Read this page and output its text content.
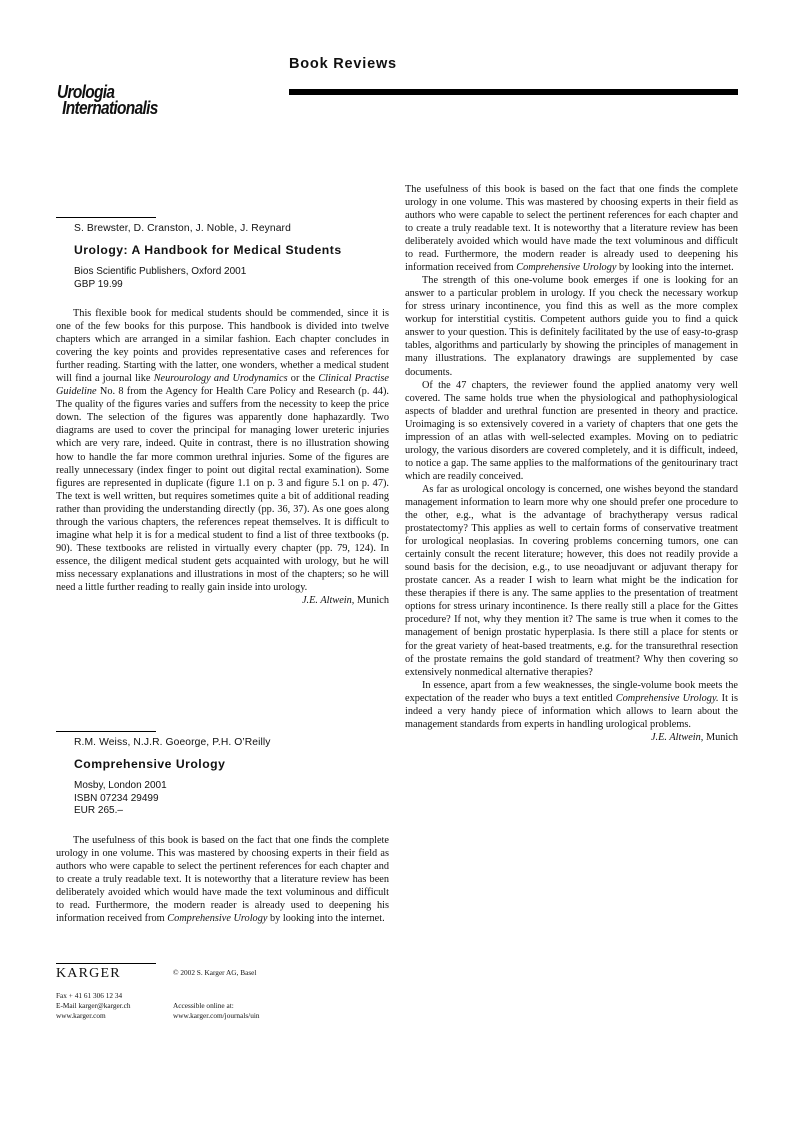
Book Reviews
Urologia
Internationalis
S. Brewster, D. Cranston, J. Noble, J. Reynard
Urology: A Handbook for Medical Students
Bios Scientific Publishers, Oxford 2001
GBP 19.99

This flexible book for medical students should be commended, since it is one of the few books for this purpose. This handbook is divided into twelve chapters which are arranged in a similar fashion. Each chapter concludes in covering the key points and provides representative cases and references for further reading. Starting with the latter, one wonders, whether a medical student will find a journal like Neurourology and Urodynamics or the Clinical Practise Guideline No. 8 from the Agency for Health Care Policy and Research (p. 44). The quality of the figures varies and suffers from the necessity to keep the price down. The selection of the figures was apparently done haphazardly. Two diagrams are used to cover the principal for managing lower ureteric injuries which are very rare, indeed. Quite in contrast, there is no illustration showing how to handle the far more common urethral injuries. Some of the figures are really unnecessary (index finger to point out digital rectal examination). Some figures are represented in duplicate (figure 1.1 on p. 3 and figure 5.1 on p. 47). The text is well written, but requires sometimes quite a bit of additional reading rather than providing the understanding directly (pp. 36, 37). As one goes along through the various chapters, the references repeat themselves. It is difficult to imagine what help it is for a medical student to find a list of three textbooks (p. 90). These textbooks are relisted in virtually every chapter (pp. 79, 124). In essence, the diligent medical student gets acquainted with urology, but he will miss necessary explanations and illustrations in most of the chapters; so he will need a little further reading to really gain inside into urology.

J.E. Altwein, Munich

R.M. Weiss, N.J.R. Goeorge, P.H. O’Reilly
Comprehensive Urology
Mosby, London 2001
ISBN 07234 29499
EUR 265.–

The usefulness of this book is based on the fact that one finds the complete urology in one volume. This was mastered by choosing experts in their field as authors who were capable to select the pertinent references for each chapter and to create a truly readable text. It is noteworthy that a literature review has been deliberately avoided which would have made the text voluminous and difficult to read. Furthermore, the modern reader is already used to deepening his information received from Comprehensive Urology by looking into the internet.

The usefulness of this book is based on the fact that one finds the complete urology in one volume. This was mastered by choosing experts in their field as authors who were capable to select the pertinent references for each chapter and to create a truly readable text. It is noteworthy that a literature review has been deliberately avoided which would have made the text voluminous and difficult to read. Furthermore, the modern reader is already used to deepening his information received from Comprehensive Urology by looking into the internet.

The strength of this one-volume book emerges if one is looking for an answer to a particular problem in urology. If you check the necessary workup for stress urinary incontinence, you find this as well as the more complex workup for interstitial cystitis. Competent authors guide you to find a quick answer to your question. This is definitely facilitated by the use of easy-to-grasp tables, algorithms and particularly by showing the principles of management in many illustrations. The explanatory drawings are supplemented by case documents.

Of the 47 chapters, the reviewer found the applied anatomy very well covered. The same holds true when the physiological and pathophysiological aspects of bladder and urethral function are presented in theory and practice. Uroimaging is so extensively covered in a variety of chapters that one gets the impression of an atlas with well-selected examples. Moving on to pediatric urology, the various disorders are covered completely, and it is difficult, indeed, to notice a gap. The same applies to the malformations of the genitourinary tract which are readily conceived.

As far as urological oncology is concerned, one wishes beyond the standard management information to learn more why one should prefer one procedure to the other, e.g., what is the advantage of brachytherapy versus radical prostatectomy? This applies as well to certain forms of conservative treatment for urological neoplasias. In covering problems concerning tumors, one can certainly consult the recent literature; however, this does not readily provide a sound basis for the decision, e.g., to use neoadjuvant or adjuvant therapy for prostate cancer. As a reader I wish to learn what might be the indication for these therapies if there is any. The same applies to the presentation of treatment options for stress urinary incontinence. Is there really still a place for the Gittes procedure? If not, why they mention it? The same is true when it comes to the management of benign prostatic hyperplasia. Is there still a place for stents or for the great variety of heat-based treatments, e.g. for the transurethral resection of the prostate remains the gold standard of treatment? Why then covering so extensively nonmedical alternative therapies?

In essence, apart from a few weaknesses, the single-volume book meets the expectation of the reader who buys a text entitled Comprehensive Urology. It is indeed a very handy piece of information which allows to learn about the management standards from experts in handling urological problems.

J.E. Altwein, Munich

KARGER	© 2002 S. Karger AG, Basel
Fax + 41 61 306 12 34
E-Mail karger@karger.ch
www.karger.com
Accessible online at:
www.karger.com/journals/uin
